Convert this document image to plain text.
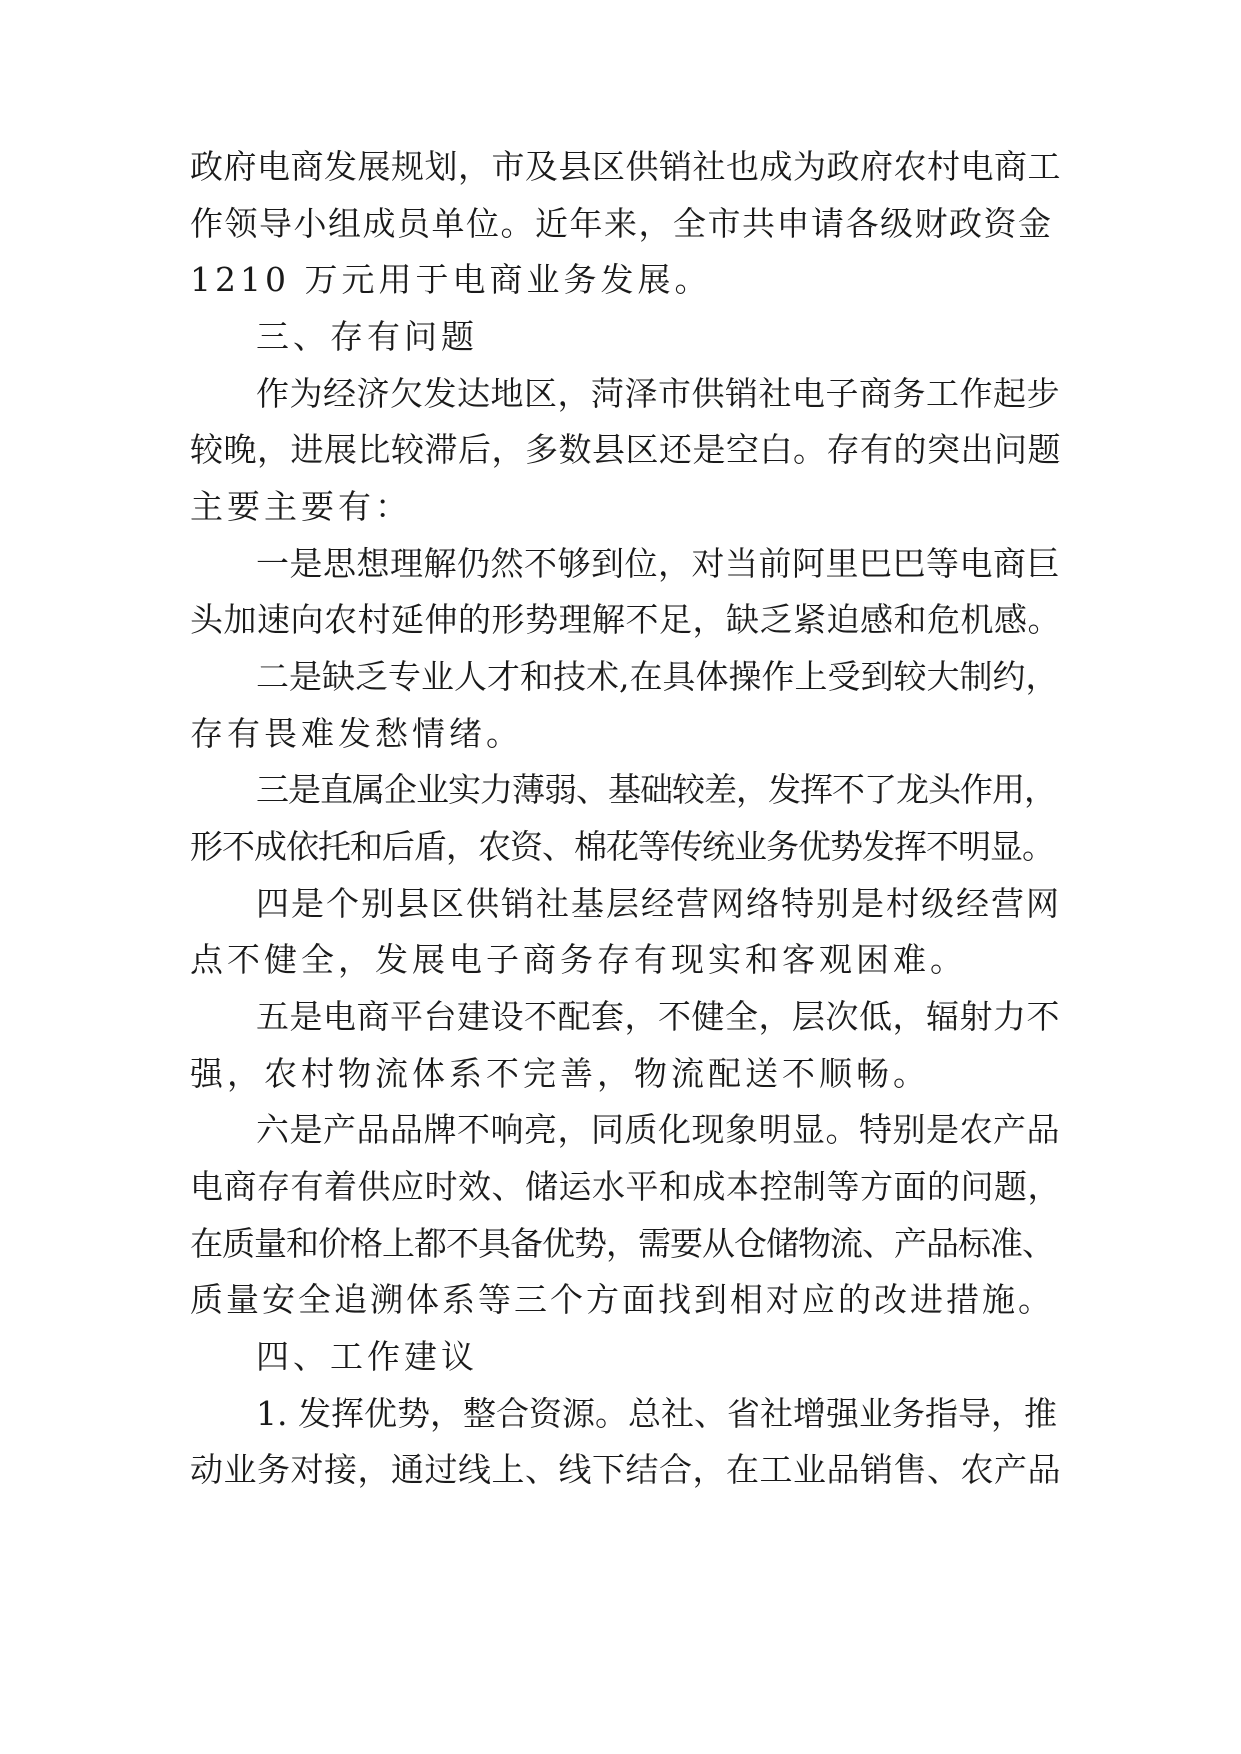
政府电商发展规划，市及县区供销社也成为政府农村电商工
作领导小组成员单位。近年来，全市共申请各级财政资金
1210 万元用于电商业务发展。
三、存有问题
作为经济欠发达地区，菏泽市供销社电子商务工作起步
较晚，进展比较滞后，多数县区还是空白。存有的突出问题
主要主要有：
一是思想理解仍然不够到位，对当前阿里巴巴等电商巨
头加速向农村延伸的形势理解不足，缺乏紧迫感和危机感。
二是缺乏专业人才和技术,在具体操作上受到较大制约，
存有畏难发愁情绪。
三是直属企业实力薄弱、基础较差，发挥不了龙头作用，
形不成依托和后盾，农资、棉花等传统业务优势发挥不明显。
四是个别县区供销社基层经营网络特别是村级经营网
点不健全，发展电子商务存有现实和客观困难。
五是电商平台建设不配套，不健全，层次低，辐射力不
强，农村物流体系不完善，物流配送不顺畅。
六是产品品牌不响亮，同质化现象明显。特别是农产品
电商存有着供应时效、储运水平和成本控制等方面的问题，
在质量和价格上都不具备优势，需要从仓储物流、产品标准、
质量安全追溯体系等三个方面找到相对应的改进措施。
四、工作建议
1. 发挥优势，整合资源。总社、省社增强业务指导，推
动业务对接，通过线上、线下结合，在工业品销售、农产品
